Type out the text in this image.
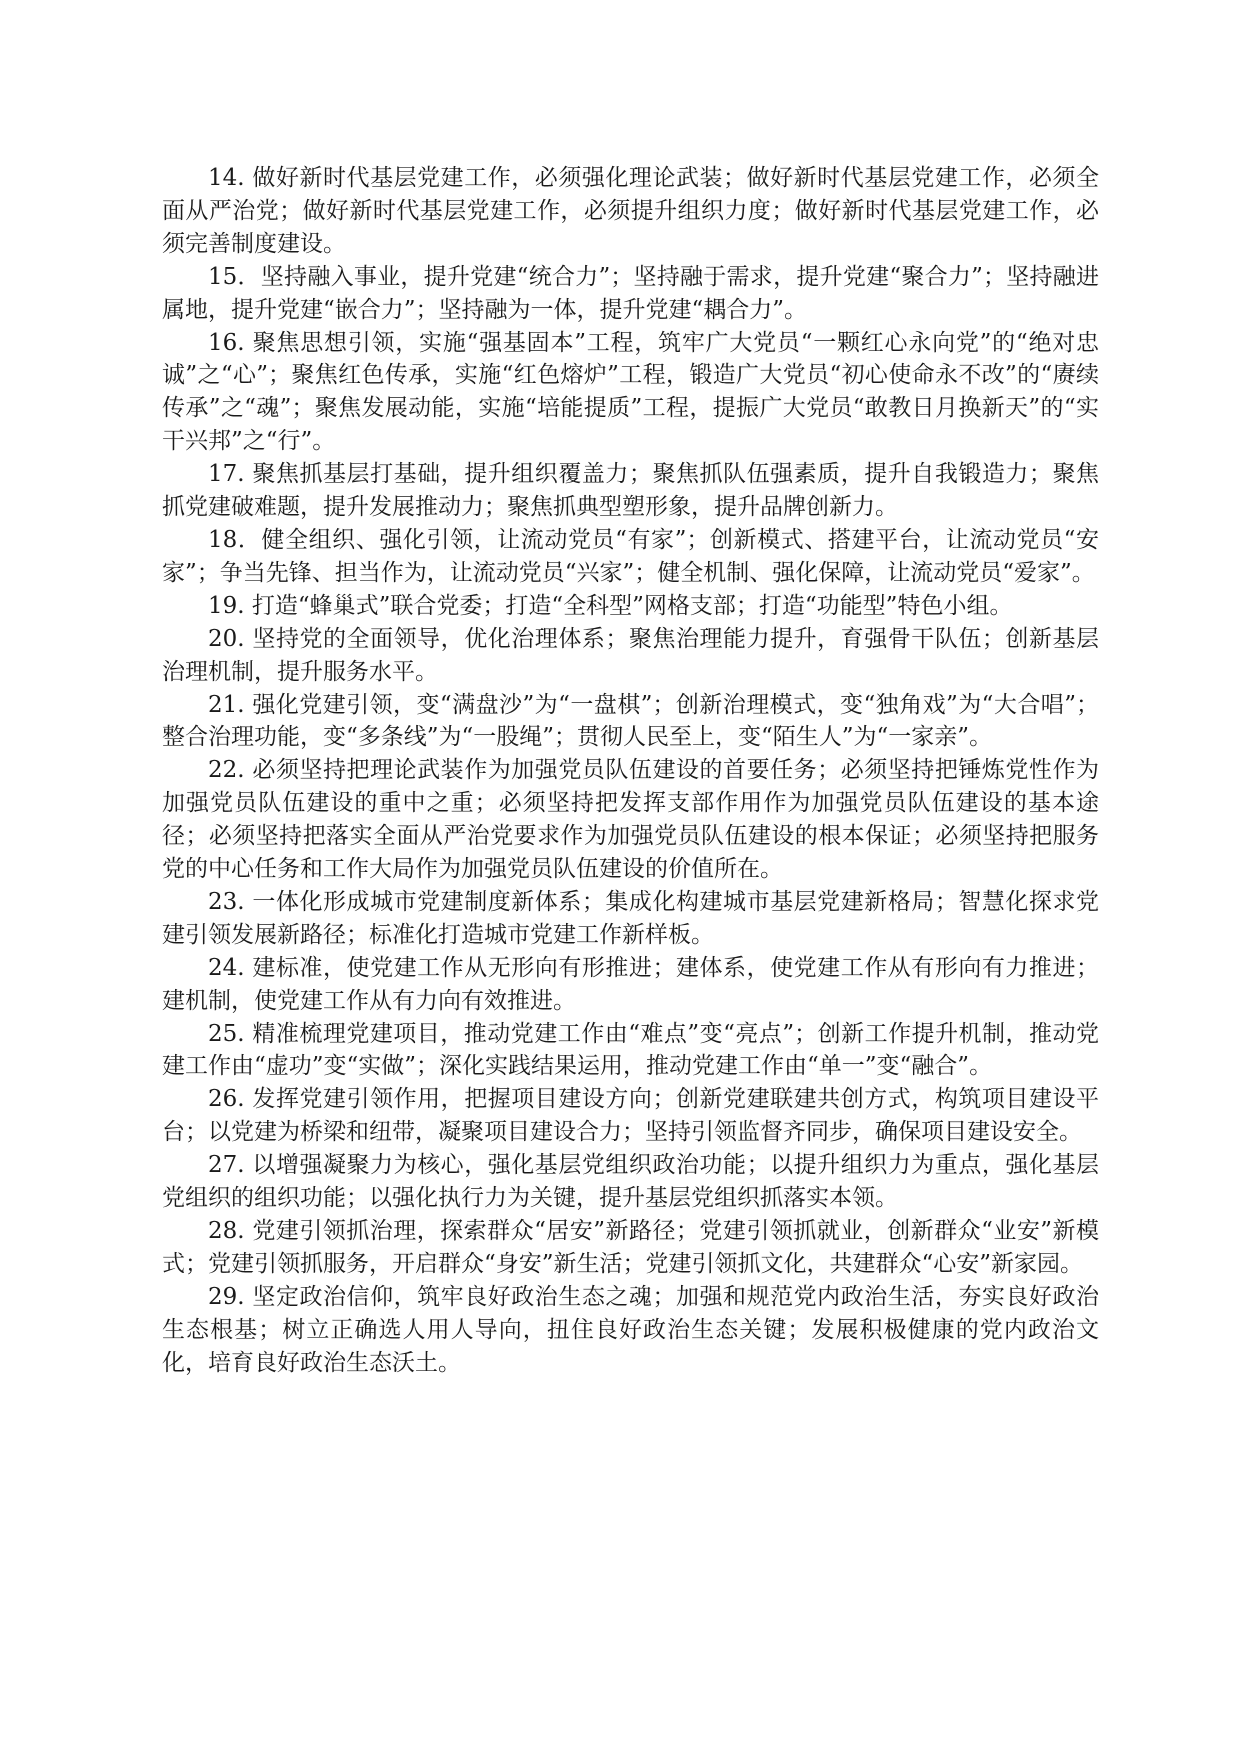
14. 做好新时代基层党建工作，必须强化理论武装；做好新时代基层党建工作，必须全面从严治党；做好新时代基层党建工作，必须提升组织力度；做好新时代基层党建工作，必须完善制度建设。

15．坚持融入事业，提升党建“统合力”；坚持融于需求，提升党建“聚合力”；坚持融进属地，提升党建“嵌合力”；坚持融为一体，提升党建“耦合力”。

16. 聚焦思想引领，实施“强基固本”工程，筑牢广大党员“一颗红心永向党”的“绝对忠诚”之“心”；聚焦红色传承，实施“红色熔炉”工程，锻造广大党员“初心使命永不改”的“赓续传承”之“魂”；聚焦发展动能，实施“培能提质”工程，提振广大党员“敢教日月换新天”的“实干兴邦”之“行”。

17. 聚焦抓基层打基础，提升组织覆盖力；聚焦抓队伍强素质，提升自我锻造力；聚焦抓党建破难题，提升发展推动力；聚焦抓典型塑形象，提升品牌创新力。

18．健全组织、强化引领，让流动党员“有家”；创新模式、搭建平台，让流动党员“安家”；争当先锋、担当作为，让流动党员“兴家”；健全机制、强化保障，让流动党员“爱家”。

19. 打造“蜂巢式”联合党委；打造“全科型”网格支部；打造“功能型”特色小组。

20. 坚持党的全面领导，优化治理体系；聚焦治理能力提升，育强骨干队伍；创新基层治理机制，提升服务水平。

21. 强化党建引领，变“满盘沙”为“一盘棋”；创新治理模式，变“独角戏”为“大合唱”；整合治理功能，变“多条线”为“一股绳”；贯彻人民至上，变“陌生人”为“一家亲”。

22. 必须坚持把理论武装作为加强党员队伍建设的首要任务；必须坚持把锤炼党性作为加强党员队伍建设的重中之重；必须坚持把发挥支部作用作为加强党员队伍建设的基本途径；必须坚持把落实全面从严治党要求作为加强党员队伍建设的根本保证；必须坚持把服务党的中心任务和工作大局作为加强党员队伍建设的价值所在。

23. 一体化形成城市党建制度新体系；集成化构建城市基层党建新格局；智慧化探求党建引领发展新路径；标准化打造城市党建工作新样板。

24. 建标准，使党建工作从无形向有形推进；建体系，使党建工作从有形向有力推进；建机制，使党建工作从有力向有效推进。

25. 精准梳理党建项目，推动党建工作由“难点”变“亮点”；创新工作提升机制，推动党建工作由“虚功”变“实做”；深化实践结果运用，推动党建工作由“单一”变“融合”。

26. 发挥党建引领作用，把握项目建设方向；创新党建联建共创方式，构筑项目建设平台；以党建为桥梁和纽带，凝聚项目建设合力；坚持引领监督齐同步，确保项目建设安全。

27. 以增强凝聚力为核心，强化基层党组织政治功能；以提升组织力为重点，强化基层党组织的组织功能；以强化执行力为关键，提升基层党组织抓落实本领。

28. 党建引领抓治理，探索群众“居安”新路径；党建引领抓就业，创新群众“业安”新模式；党建引领抓服务，开启群众“身安”新生活；党建引领抓文化，共建群众“心安”新家园。

29. 坚定政治信仰，筑牢良好政治生态之魂；加强和规范党内政治生活，夯实良好政治生态根基；树立正确选人用人导向，扭住良好政治生态关键；发展积极健康的党内政治文化，培育良好政治生态沃土。
